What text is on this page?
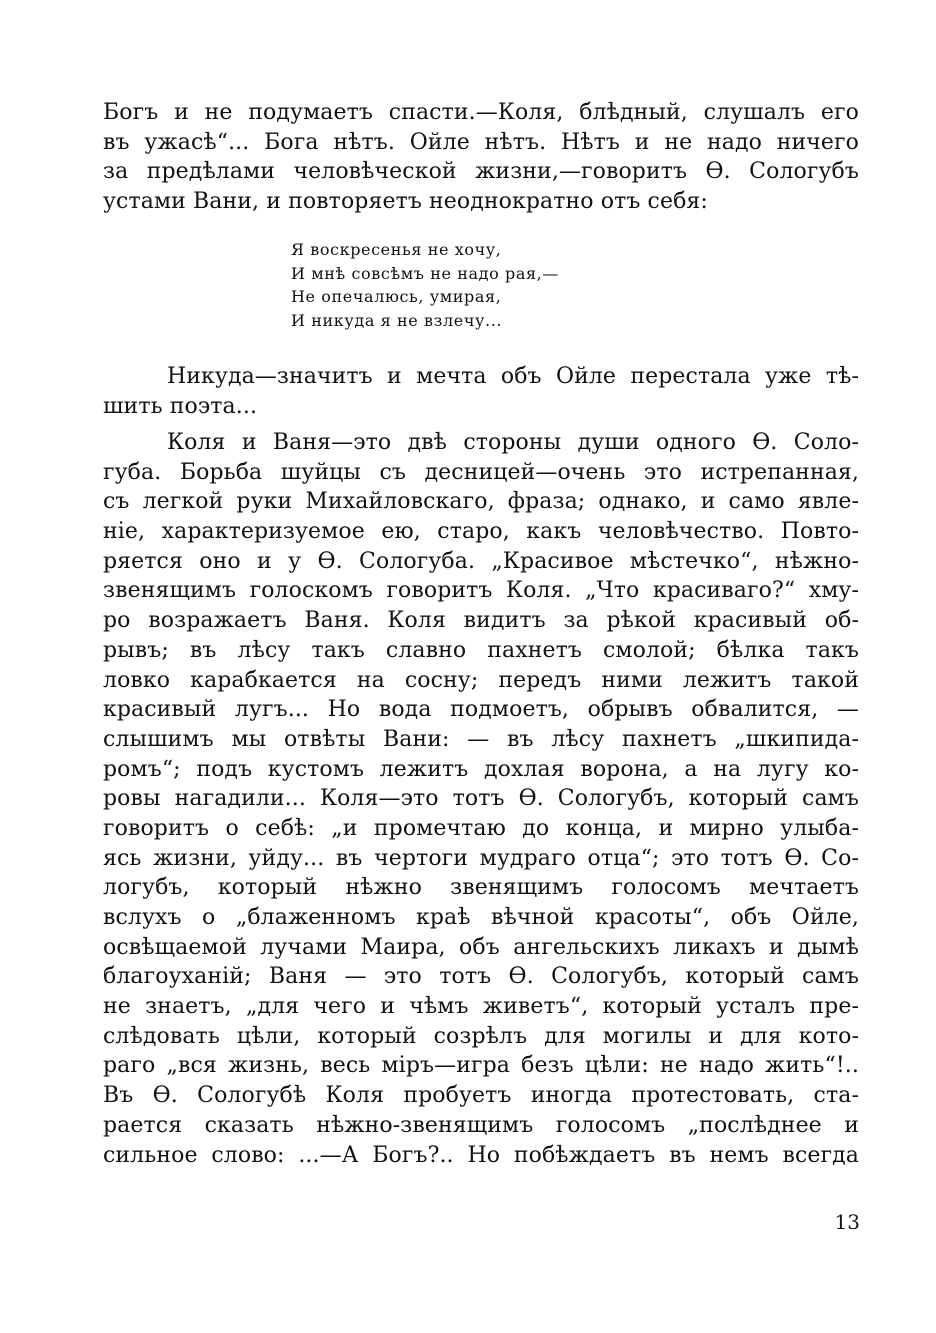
Богъ и не подумаетъ спасти.—Коля, блѣдный, слушалъ его
въ ужасѣ“... Бога нѣтъ. Ойле нѣтъ. Нѣтъ и не надо ничего
за предѣлами человѣческой жизни,—говоритъ Ѳ. Сологубъ
устами Вани, и повторяетъ неоднократно отъ себя:
Я воскресенья не хочу,
И мнѣ совсѣмъ не надо рая,—
Не опечалюсь, умирая,
И никуда я не взлечу...
Никуда—значитъ и мечта объ Ойле перестала уже тѣ-
шить поэта...
Коля и Ваня—это двѣ стороны души одного Ѳ. Соло-
губа. Борьба шуйцы съ десницей—очень это истрепанная,
съ легкой руки Михайловскаго, фраза; однако, и само явле-
нiе, характеризуемое ею, старо, какъ человѣчество. Повто-
ряется оно и у Ѳ. Сологуба. „Красивое мѣстечко“, нѣжно-
звенящимъ голоскомъ говоритъ Коля. „Что красиваго?“ хму-
ро возражаетъ Ваня. Коля видитъ за рѣкой красивый об-
рывъ; въ лѣсу такъ славно пахнетъ смолой; бѣлка такъ
ловко карабкается на сосну; передъ ними лежитъ такой
красивый лугъ... Но вода подмоетъ, обрывъ обвалится, —
слышимъ мы отвѣты Вани: — въ лѣсу пахнетъ „шкипида-
ромъ“; подъ кустомъ лежитъ дохлая ворона, а на лугу ко-
ровы нагадили... Коля—это тотъ Ѳ. Сологубъ, который самъ
говоритъ о себѣ: „и промечтаю до конца, и мирно улыба-
ясь жизни, уйду... въ чертоги мудраго отца“; это тотъ Ѳ. Со-
логубъ, который нѣжно звенящимъ голосомъ мечтаетъ
вслухъ о „блаженномъ краѣ вѣчной красоты“, объ Ойле,
освѣщаемой лучами Маира, объ ангельскихъ ликахъ и дымѣ
благоуханiй; Ваня — это тотъ Ѳ. Сологубъ, который самъ
не знаетъ, „для чего и чѣмъ живетъ“, который усталъ пре-
слѣдовать цѣли, который созрѣлъ для могилы и для кото-
раго „вся жизнь, весь мiръ—игра безъ цѣли: не надо жить“!..
Въ Ѳ. Сологубѣ Коля пробуетъ иногда протестовать, ста-
рается сказать нѣжно-звенящимъ голосомъ „послѣднее и
сильное слово: ...—А Богъ?.. Но побѣждаетъ въ немъ всегда
13
